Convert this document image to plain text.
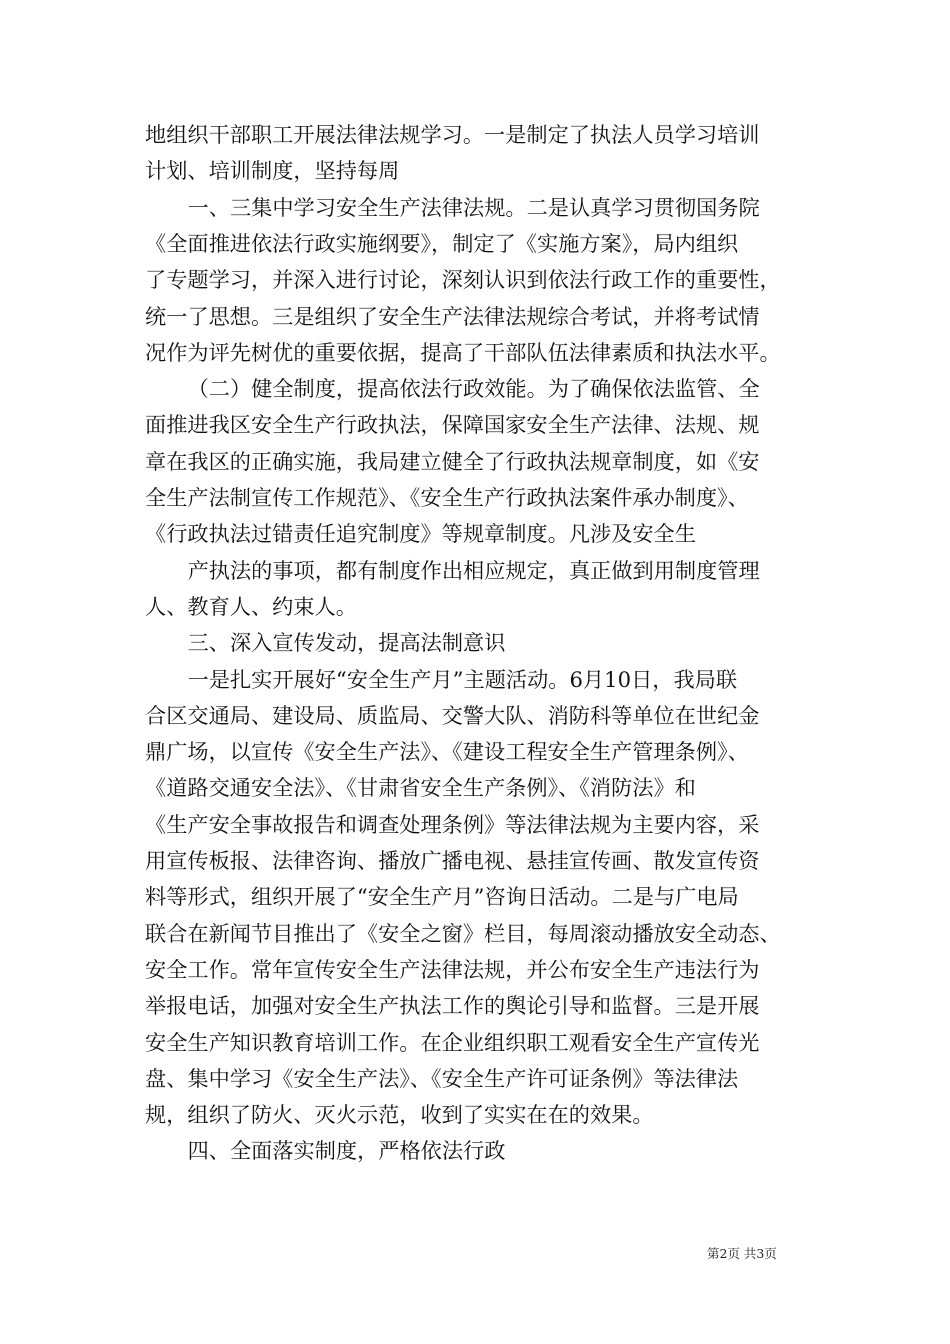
地组织干部职工开展法律法规学习。一是制定了执法人员学习培训
计划、培训制度，坚持每周
一、三集中学习安全生产法律法规。二是认真学习贯彻国务院
《全面推进依法行政实施纲要》，制定了《实施方案》，局内组织
了专题学习，并深入进行讨论，深刻认识到依法行政工作的重要性，
统一了思想。三是组织了安全生产法律法规综合考试，并将考试情
况作为评先树优的重要依据，提高了干部队伍法律素质和执法水平。
（二）健全制度，提高依法行政效能。为了确保依法监管、全
面推进我区安全生产行政执法，保障国家安全生产法律、法规、规
章在我区的正确实施，我局建立健全了行政执法规章制度，如《安
全生产法制宣传工作规范》、《安全生产行政执法案件承办制度》、
《行政执法过错责任追究制度》等规章制度。凡涉及安全生
产执法的事项，都有制度作出相应规定，真正做到用制度管理
人、教育人、约束人。
三、深入宣传发动，提高法制意识
一是扎实开展好“安全生产月”主题活动。6月10日，我局联
合区交通局、建设局、质监局、交警大队、消防科等单位在世纪金
鼎广场，以宣传《安全生产法》、《建设工程安全生产管理条例》、
《道路交通安全法》、《甘肃省安全生产条例》、《消防法》和
《生产安全事故报告和调查处理条例》等法律法规为主要内容，采
用宣传板报、法律咨询、播放广播电视、悬挂宣传画、散发宣传资
料等形式，组织开展了“安全生产月”咨询日活动。二是与广电局
联合在新闻节目推出了《安全之窗》栏目，每周滚动播放安全动态、
安全工作。常年宣传安全生产法律法规，并公布安全生产违法行为
举报电话，加强对安全生产执法工作的舆论引导和监督。三是开展
安全生产知识教育培训工作。在企业组织职工观看安全生产宣传光
盘、集中学习《安全生产法》、《安全生产许可证条例》等法律法
规，组织了防火、灭火示范，收到了实实在在的效果。
四、全面落实制度，严格依法行政
第2页 共3页
